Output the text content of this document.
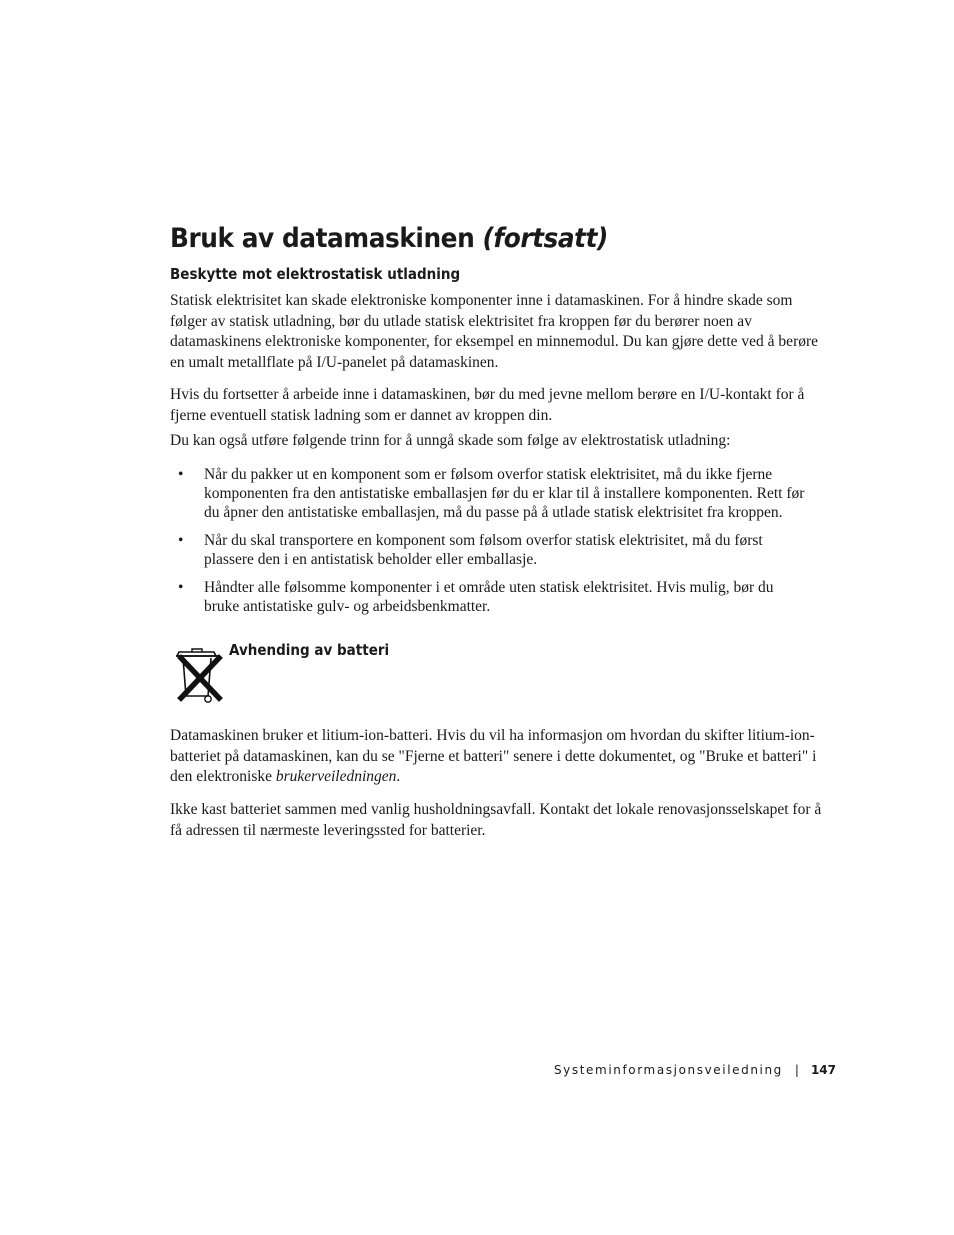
Bruk av datamaskinen (fortsatt)
Beskytte mot elektrostatisk utladning

Statisk elektrisitet kan skade elektroniske komponenter inne i datamaskinen. For å hindre skade som følger av statisk utladning, bør du utlade statisk elektrisitet fra kroppen før du berører noen av datamaskinens elektroniske komponenter, for eksempel en minnemodul. Du kan gjøre dette ved å berøre en umalt metallflate på I/U-panelet på datamaskinen.

Hvis du fortsetter å arbeide inne i datamaskinen, bør du med jevne mellom berøre en I/U-kontakt for å fjerne eventuell statisk ladning som er dannet av kroppen din.

Du kan også utføre følgende trinn for å unngå skade som følge av elektrostatisk utladning:

• Når du pakker ut en komponent som er følsom overfor statisk elektrisitet, må du ikke fjerne komponenten fra den antistatiske emballasjen før du er klar til å installere komponenten. Rett før du åpner den antistatiske emballasjen, må du passe på å utlade statisk elektrisitet fra kroppen.
• Når du skal transportere en komponent som følsom overfor statisk elektrisitet, må du først plassere den i en antistatisk beholder eller emballasje.
• Håndter alle følsomme komponenter i et område uten statisk elektrisitet. Hvis mulig, bør du bruke antistatiske gulv- og arbeidsbenkmatter.
Avhending av batteri

Datamaskinen bruker et litium-ion-batteri. Hvis du vil ha informasjon om hvordan du skifter litium-ion-batteriet på datamaskinen, kan du se "Fjerne et batteri" senere i dette dokumentet, og "Bruke et batteri" i den elektroniske brukerveiledningen.

Ikke kast batteriet sammen med vanlig husholdningsavfall. Kontakt det lokale renovasjonsselskapet for å få adressen til nærmeste leveringssted for batterier.

Systeminformasjonsveiledning | 147
